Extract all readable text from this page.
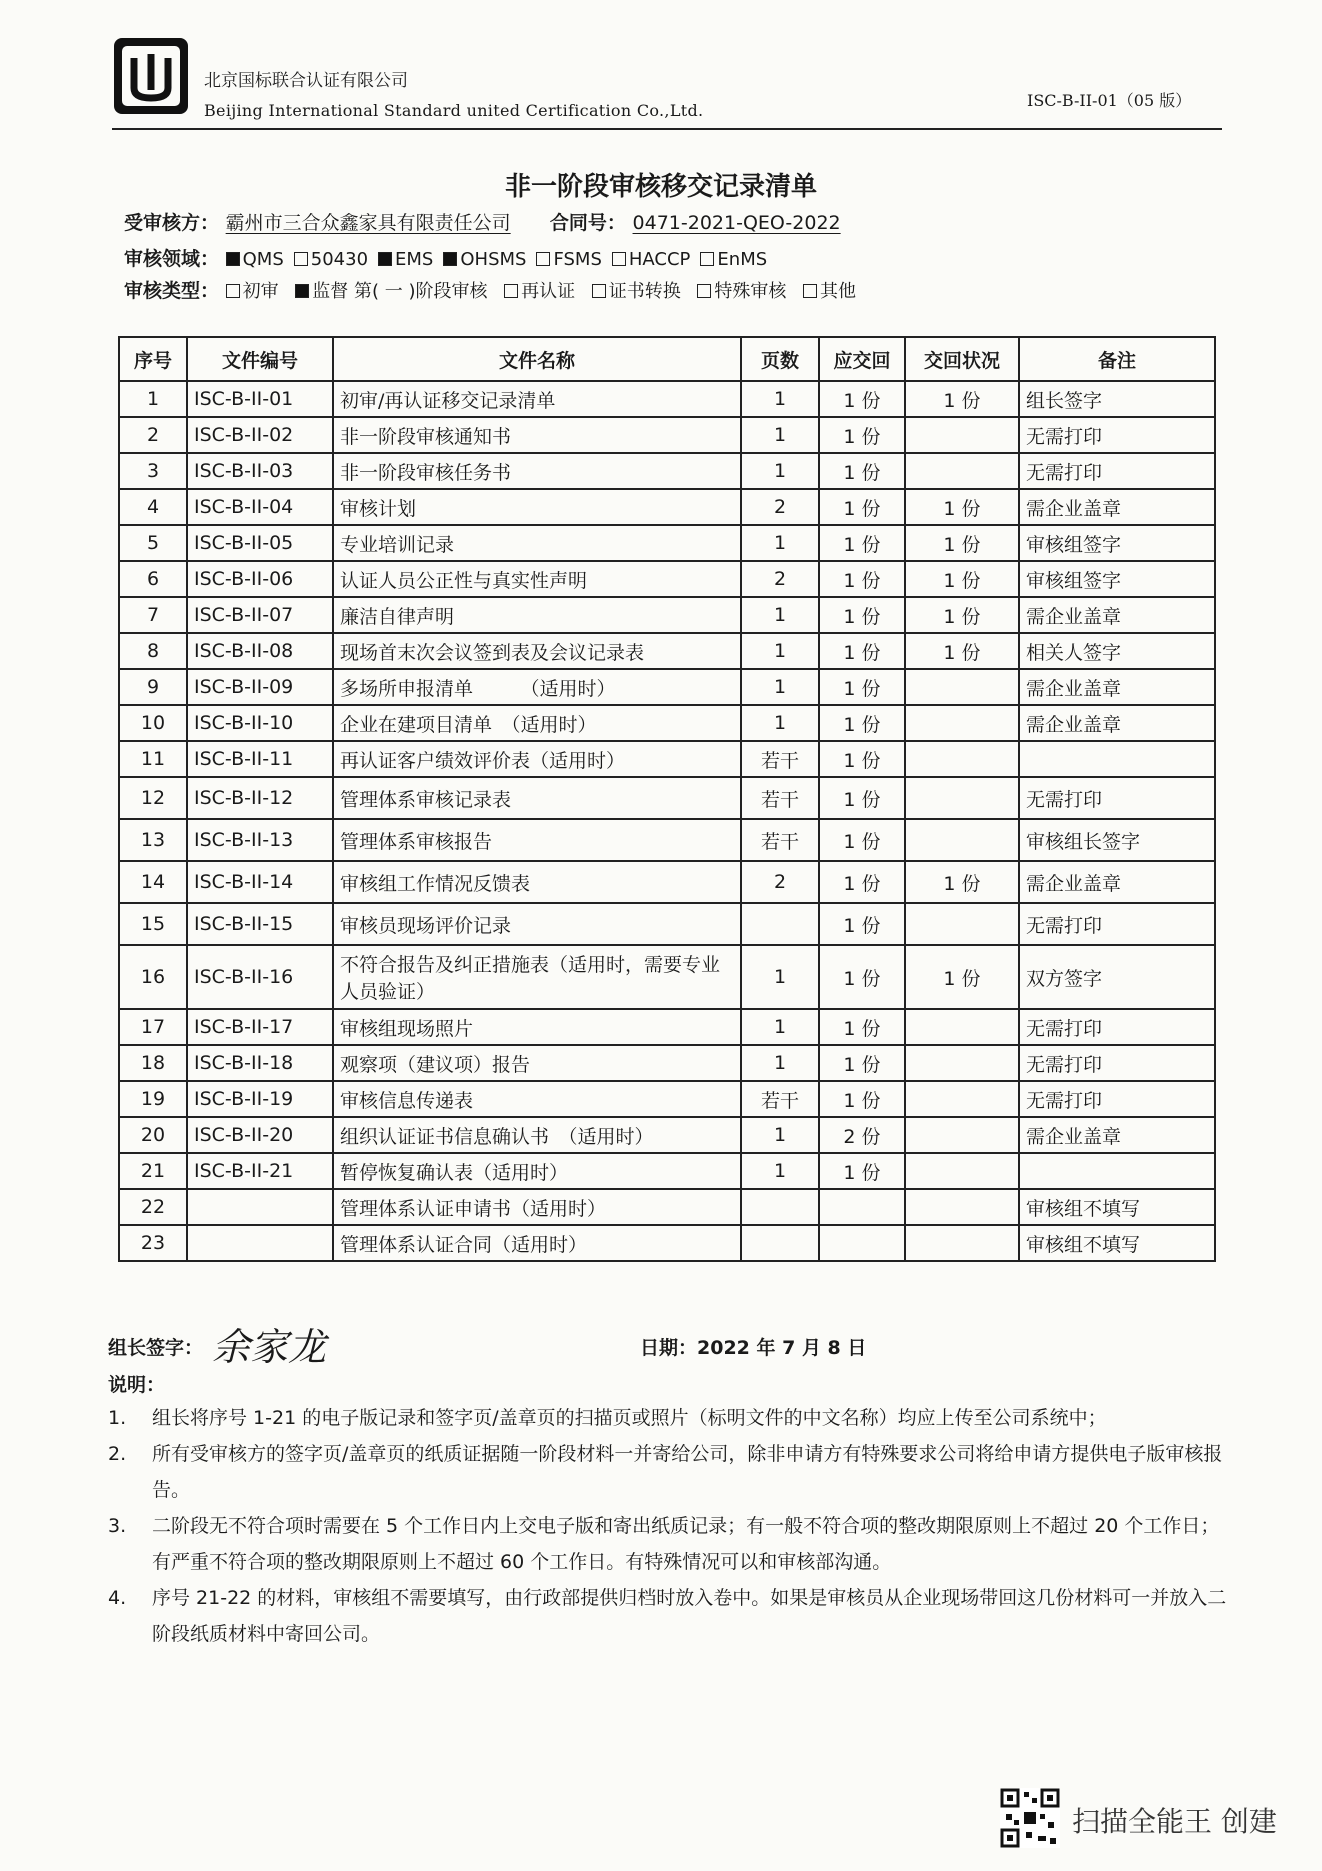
北京国标联合认证有限公司
Beijing International Standard united Certification Co.,Ltd.
ISC-B-II-01（05 版）
非一阶段审核移交记录清单
受审核方： 霸州市三合众鑫家具有限责任公司 合同号： 0471-2021-QEO-2022
审核领域： QMS 50430 EMS OHSMS FSMS HACCP EnMS
审核类型： 初审 监督 第( 一 )阶段审核 再认证 证书转换 特殊审核 其他
序号	文件编号	文件名称	页数	应交回	交回状况	备注
1	ISC-B-II-01	初审/再认证移交记录清单	1	1 份	1 份	组长签字
2	ISC-B-II-02	非一阶段审核通知书	1	1 份		无需打印
3	ISC-B-II-03	非一阶段审核任务书	1	1 份		无需打印
4	ISC-B-II-04	审核计划	2	1 份	1 份	需企业盖章
5	ISC-B-II-05	专业培训记录	1	1 份	1 份	审核组签字
6	ISC-B-II-06	认证人员公正性与真实性声明	2	1 份	1 份	审核组签字
7	ISC-B-II-07	廉洁自律声明	1	1 份	1 份	需企业盖章
8	ISC-B-II-08	现场首末次会议签到表及会议记录表	1	1 份	1 份	相关人签字
9	ISC-B-II-09	多场所申报清单　　　（适用时）	1	1 份		需企业盖章
10	ISC-B-II-10	企业在建项目清单　（适用时）	1	1 份		需企业盖章
11	ISC-B-II-11	再认证客户绩效评价表（适用时）	若干	1 份		
12	ISC-B-II-12	管理体系审核记录表	若干	1 份		无需打印
13	ISC-B-II-13	管理体系审核报告	若干	1 份		审核组长签字
14	ISC-B-II-14	审核组工作情况反馈表	2	1 份	1 份	需企业盖章
15	ISC-B-II-15	审核员现场评价记录		1 份		无需打印
16	ISC-B-II-16	不符合报告及纠正措施表（适用时，需要专业人员验证）	1	1 份	1 份	双方签字
17	ISC-B-II-17	审核组现场照片	1	1 份		无需打印
18	ISC-B-II-18	观察项（建议项）报告	1	1 份		无需打印
19	ISC-B-II-19	审核信息传递表	若干	1 份		无需打印
20	ISC-B-II-20	组织认证证书信息确认书　（适用时）	1	2 份		需企业盖章
21	ISC-B-II-21	暂停恢复确认表（适用时）	1	1 份		
22		管理体系认证申请书（适用时）				审核组不填写
23		管理体系认证合同（适用时）				审核组不填写
组长签字： 余家龙	日期：2022 年 7 月 8 日
说明：
1.	组长将序号 1-21 的电子版记录和签字页/盖章页的扫描页或照片（标明文件的中文名称）均应上传至公司系统中；
2.	所有受审核方的签字页/盖章页的纸质证据随一阶段材料一并寄给公司，除非申请方有特殊要求公司将给申请方提供电子版审核报告。
3.	二阶段无不符合项时需要在 5 个工作日内上交电子版和寄出纸质记录；有一般不符合项的整改期限原则上不超过 20 个工作日；有严重不符合项的整改期限原则上不超过 60 个工作日。有特殊情况可以和审核部沟通。
4.	序号 21-22 的材料，审核组不需要填写，由行政部提供归档时放入卷中。如果是审核员从企业现场带回这几份材料可一并放入二阶段纸质材料中寄回公司。
扫描全能王 创建
